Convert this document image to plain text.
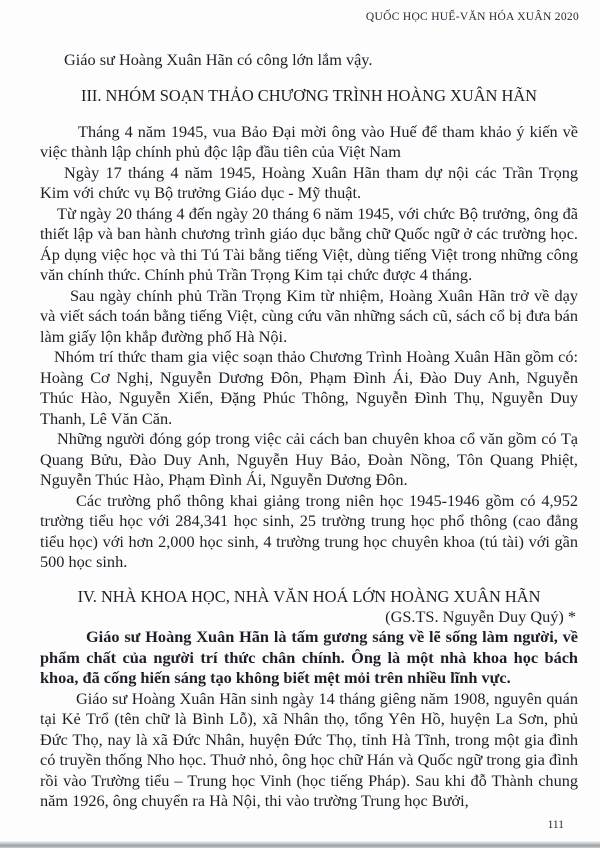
QUỐC HỌC HUẾ-VĂN HÓA XUÂN 2020

Giáo sư Hoàng Xuân Hãn có công lớn lắm vậy.

III. NHÓM SOẠN THẢO CHƯƠNG TRÌNH HOÀNG XUÂN HÃN

Tháng 4 năm 1945, vua Bảo Đại mời ông vào Huế để tham khảo ý kiến về việc thành lập chính phủ độc lập đầu tiên của Việt Nam

Ngày 17 tháng 4 năm 1945, Hoàng Xuân Hãn tham dự nội các Trần Trọng Kim với chức vụ Bộ trưởng Giáo dục - Mỹ thuật.

Từ ngày 20 tháng 4 đến ngày 20 tháng 6 năm 1945, với chức Bộ trưởng, ông đã thiết lập và ban hành chương trình giáo dục bằng chữ Quốc ngữ ở các trường học. Áp dụng việc học và thi Tú Tài bằng tiếng Việt, dùng tiếng Việt trong những công văn chính thức. Chính phủ Trần Trọng Kim tại chức được 4 tháng.

Sau ngày chính phủ Trần Trọng Kim từ nhiệm, Hoàng Xuân Hãn trở về dạy và viết sách toán bằng tiếng Việt, cùng cứu vãn những sách cũ, sách cổ bị đưa bán làm giấy lộn khắp đường phố Hà Nội.

Nhóm trí thức tham gia việc soạn thảo Chương Trình Hoàng Xuân Hãn gồm có: Hoàng Cơ Nghị, Nguyễn Dương Đôn, Phạm Đình Ái, Đào Duy Anh, Nguyễn Thúc Hào, Nguyễn Xiển, Đặng Phúc Thông, Nguyễn Đình Thụ, Nguyễn Duy Thanh, Lê Văn Căn.

Những người đóng góp trong việc cải cách ban chuyên khoa cổ văn gồm có Tạ Quang Bửu, Đào Duy Anh, Nguyễn Huy Bảo, Đoàn Nồng, Tôn Quang Phiệt, Nguyễn Thúc Hào, Phạm Đình Ái, Nguyễn Dương Đôn.

Các trường phổ thông khai giảng trong niên học 1945-1946 gồm có 4,952 trường tiểu học với 284,341 học sinh, 25 trường trung học phổ thông (cao đẳng tiểu học) với hơn 2,000 học sinh, 4 trường trung học chuyên khoa (tú tài) với gần 500 học sinh.

IV. NHÀ KHOA HỌC, NHÀ VĂN HOÁ LỚN HOÀNG XUÂN HÃN

(GS.TS. Nguyễn Duy Quý) *

Giáo sư Hoàng Xuân Hãn là tấm gương sáng về lẽ sống làm người, về phẩm chất của người trí thức chân chính. Ông là một nhà khoa học bách khoa, đã cống hiến sáng tạo không biết mệt mỏi trên nhiều lĩnh vực.

Giáo sư Hoàng Xuân Hãn sinh ngày 14 tháng giêng năm 1908, nguyên quán tại Kẻ Trổ (tên chữ là Bình Lỗ), xã Nhân thọ, tổng Yên Hồ, huyện La Sơn, phủ Đức Thọ, nay là xã Đức Nhân, huyện Đức Thọ, tỉnh Hà Tĩnh, trong một gia đình có truyền thống Nho học. Thuở nhỏ, ông học chữ Hán và Quốc ngữ trong gia đình rồi vào Trường tiểu – Trung học Vinh (học tiếng Pháp). Sau khi đỗ Thành chung năm 1926, ông chuyển ra Hà Nội, thi vào trường Trung học Bưởi,

111
